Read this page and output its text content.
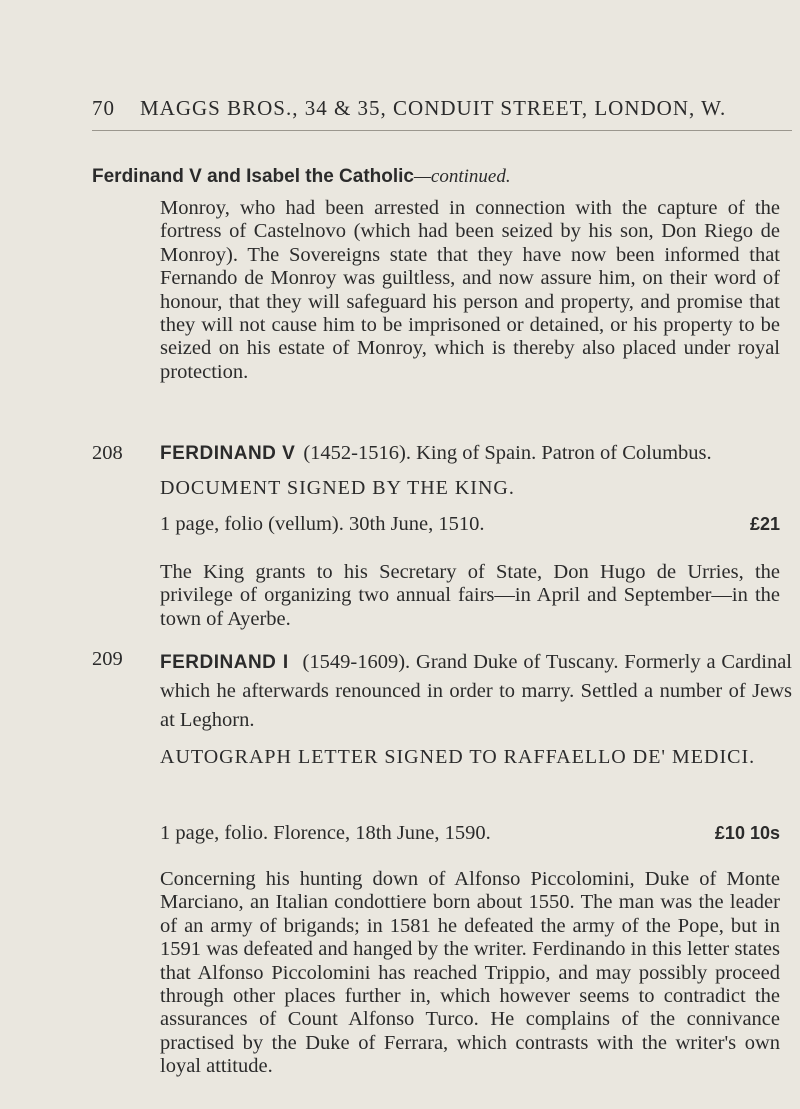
70 MAGGS BROS., 34 & 35, CONDUIT STREET, LONDON, W.
Ferdinand V and Isabel the Catholic—continued.

Monroy, who had been arrested in connection with the capture of the fortress of Castelnovo (which had been seized by his son, Don Riego de Monroy). The Sovereigns state that they have now been informed that Fernando de Monroy was guiltless, and now assure him, on their word of honour, that they will safeguard his person and property, and promise that they will not cause him to be imprisoned or detained, or his property to be seized on his estate of Monroy, which is thereby also placed under royal protection.

208	FERDINAND V (1452-1516). King of Spain. Patron of Columbus.
DOCUMENT SIGNED BY THE KING.
1 page, folio (vellum). 30th June, 1510.	£21

The King grants to his Secretary of State, Don Hugo de Urries, the privilege of organizing two annual fairs—in April and September—in the town of Ayerbe.

209	FERDINAND I (1549-1609). Grand Duke of Tuscany. Formerly a Cardinal which he afterwards renounced in order to marry. Settled a number of Jews at Leghorn.
AUTOGRAPH LETTER SIGNED TO RAFFAELLO DE' MEDICI.
1 page, folio. Florence, 18th June, 1590.	£10 10s

Concerning his hunting down of Alfonso Piccolomini, Duke of Monte Marciano, an Italian condottiere born about 1550. The man was the leader of an army of brigands; in 1581 he defeated the army of the Pope, but in 1591 was defeated and hanged by the writer. Ferdinando in this letter states that Alfonso Piccolomini has reached Trippio, and may possibly proceed through other places further in, which however seems to contradict the assurances of Count Alfonso Turco. He complains of the connivance practised by the Duke of Ferrara, which contrasts with the writer's own loyal attitude.
